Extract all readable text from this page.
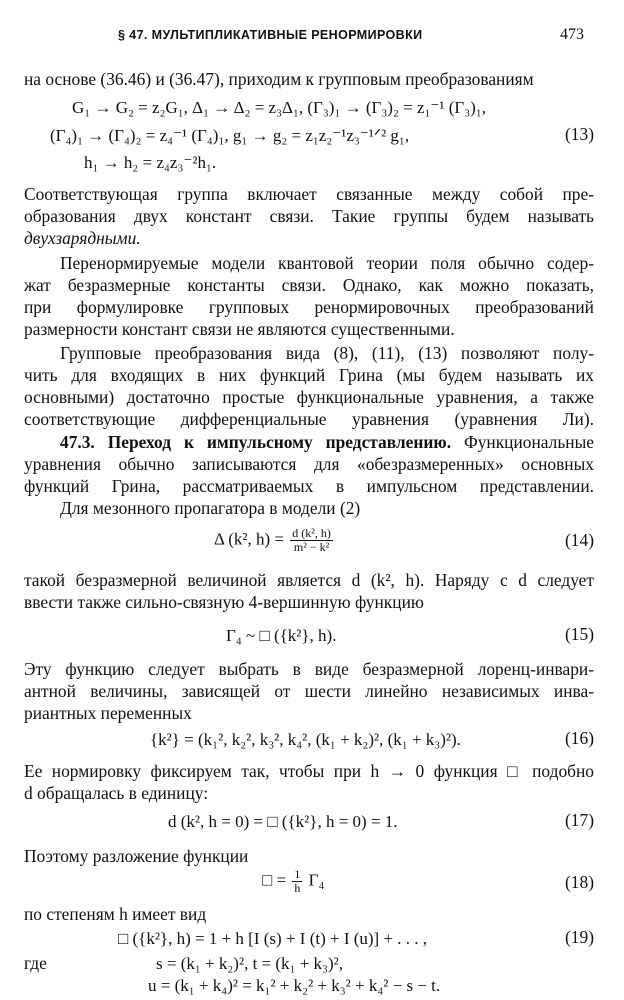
§ 47. МУЛЬТИПЛИКАТИВНЫЕ РЕНОРМИРОВКИ	473

на основе (36.46) и (36.47), приходим к групповым преобразованиям

G₁ → G₂ = z₂G₁, Δ₁ → Δ₂ = z₃Δ₁, (Γ₃)₁ → (Γ₃)₂ = z₁⁻¹ (Γ₃)₁,
(Γ₄)₁ → (Γ₄)₂ = z₄⁻¹ (Γ₄)₁, g₁ → g₂ = z₁z₂⁻¹z₃⁻¹ᐟ² g₁,	(13)
h₁ → h₂ = z₄z₃⁻²h₁.

Соответствующая группа включает связанные между собой пре-

образования двух констант связи. Такие группы будем называть

двухзарядными.

Перенормируемые модели квантовой теории поля обычно содер-

жат безразмерные константы связи. Однако, как можно показать,

при формулировке групповых ренормировочных преобразований

размерности констант связи не являются существенными.

Групповые преобразования вида (8), (11), (13) позволяют полу-

чить для входящих в них функций Грина (мы будем называть их

основными) достаточно простые функциональные уравнения, а также

соответствующие дифференциальные уравнения (уравнения Ли).

47.3. Переход к импульсному представлению. Функциональные

уравнения обычно записываются для «обезразмеренных» основных

функций Грина, рассматриваемых в импульсном представлении.

Для мезонного пропагатора в модели (2)

Δ (k², $h) = \frac{\text{d (k², h)}}{\text{m² − k²}}$	(14)

такой безразмерной величиной является d (k², h). Наряду с d следует

ввести также сильно-связную 4-вершинную функцию

Γ₄ ~ □ ({k²}, h).	(15)

Эту функцию следует выбрать в виде безразмерной лоренц-инвари-

антной величины, зависящей от шести линейно независимых инва-

риантных переменных

{k²} = (k₁², k₂², k₃², k₄², (k₁ + k₂)², (k₁ + k₃)²).	(16)

Ее нормировку фиксируем так, чтобы при h → 0 функция □ подобно

d обращалась в единицу:

d (k², h = 0) = □ ({k²}, h = 0) = 1.	(17)

Поэтому разложение функции

□ = $\frac{1}{h} \Gamma_4$	(18)

по степеням h имеет вид

□ ({k²}, h) = 1 + h [I (s) + I (t) + I (u)] + . . . ,	(19)

где	s = (k₁ + k₂)², t = (k₁ + k₃)²,
u = (k₁ + k₄)² = k₁² + k₂² + k₃² + k₄² − s − t.
